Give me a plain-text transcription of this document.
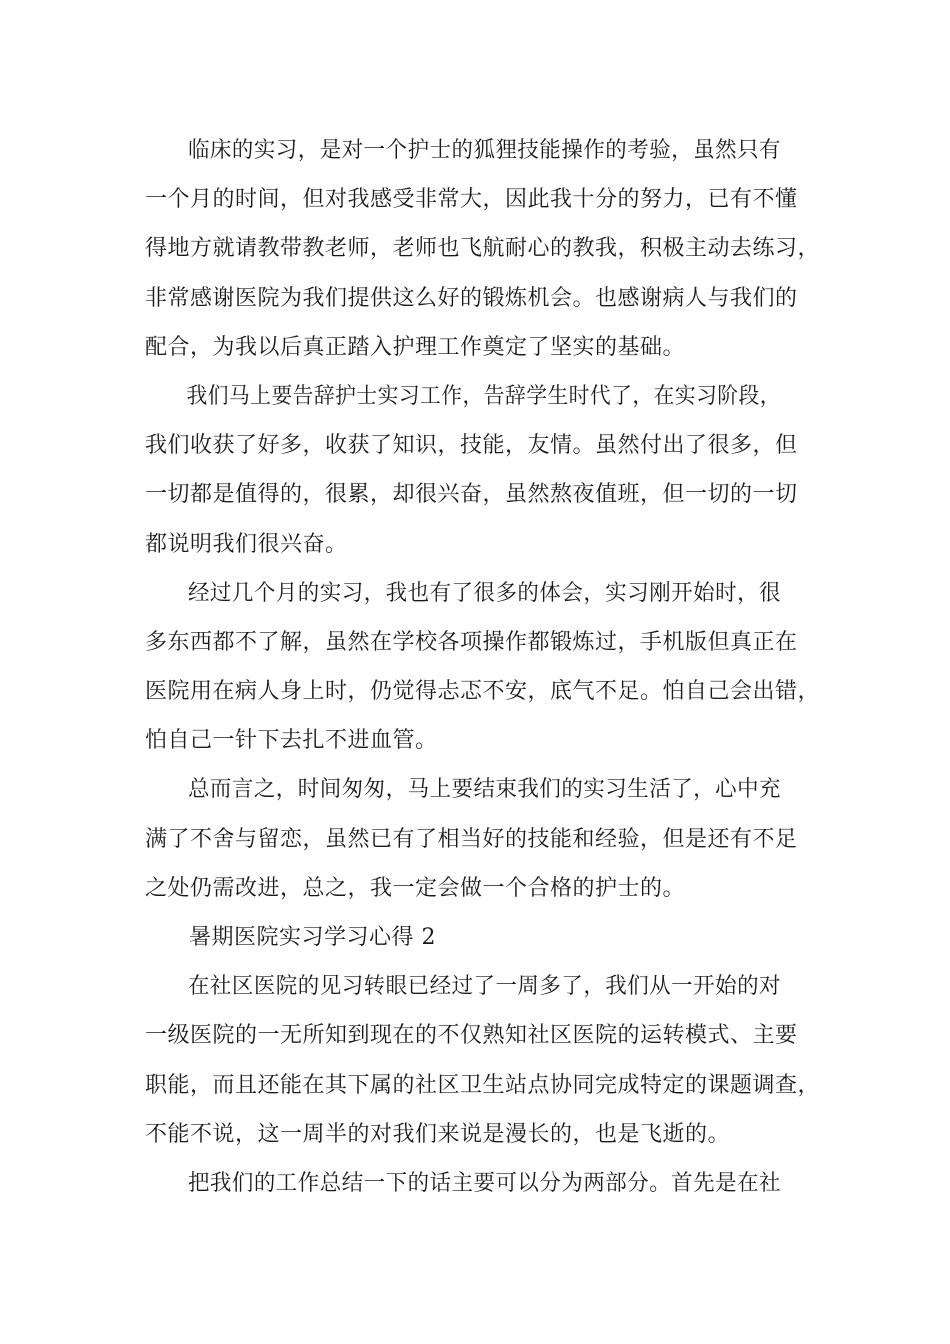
临床的实习，是对一个护士的狐狸技能操作的考验，虽然只有
一个月的时间，但对我感受非常大，因此我十分的努力，已有不懂
得地方就请教带教老师，老师也飞航耐心的教我，积极主动去练习，
非常感谢医院为我们提供这么好的锻炼机会。也感谢病人与我们的
配合，为我以后真正踏入护理工作奠定了坚实的基础。

我们马上要告辞护士实习工作，告辞学生时代了，在实习阶段，
我们收获了好多，收获了知识，技能，友情。虽然付出了很多，但
一切都是值得的，很累，却很兴奋，虽然熬夜值班，但一切的一切
都说明我们很兴奋。

经过几个月的实习，我也有了很多的体会，实习刚开始时，很
多东西都不了解，虽然在学校各项操作都锻炼过，手机版但真正在
医院用在病人身上时，仍觉得忐忑不安，底气不足。怕自己会出错，
怕自己一针下去扎不进血管。

总而言之，时间匆匆，马上要结束我们的实习生活了，心中充
满了不舍与留恋，虽然已有了相当好的技能和经验，但是还有不足
之处仍需改进，总之，我一定会做一个合格的护士的。

暑期医院实习学习心得 2

在社区医院的见习转眼已经过了一周多了，我们从一开始的对
一级医院的一无所知到现在的不仅熟知社区医院的运转模式、主要
职能，而且还能在其下属的社区卫生站点协同完成特定的课题调查，
不能不说，这一周半的对我们来说是漫长的，也是飞逝的。

把我们的工作总结一下的话主要可以分为两部分。首先是在社
